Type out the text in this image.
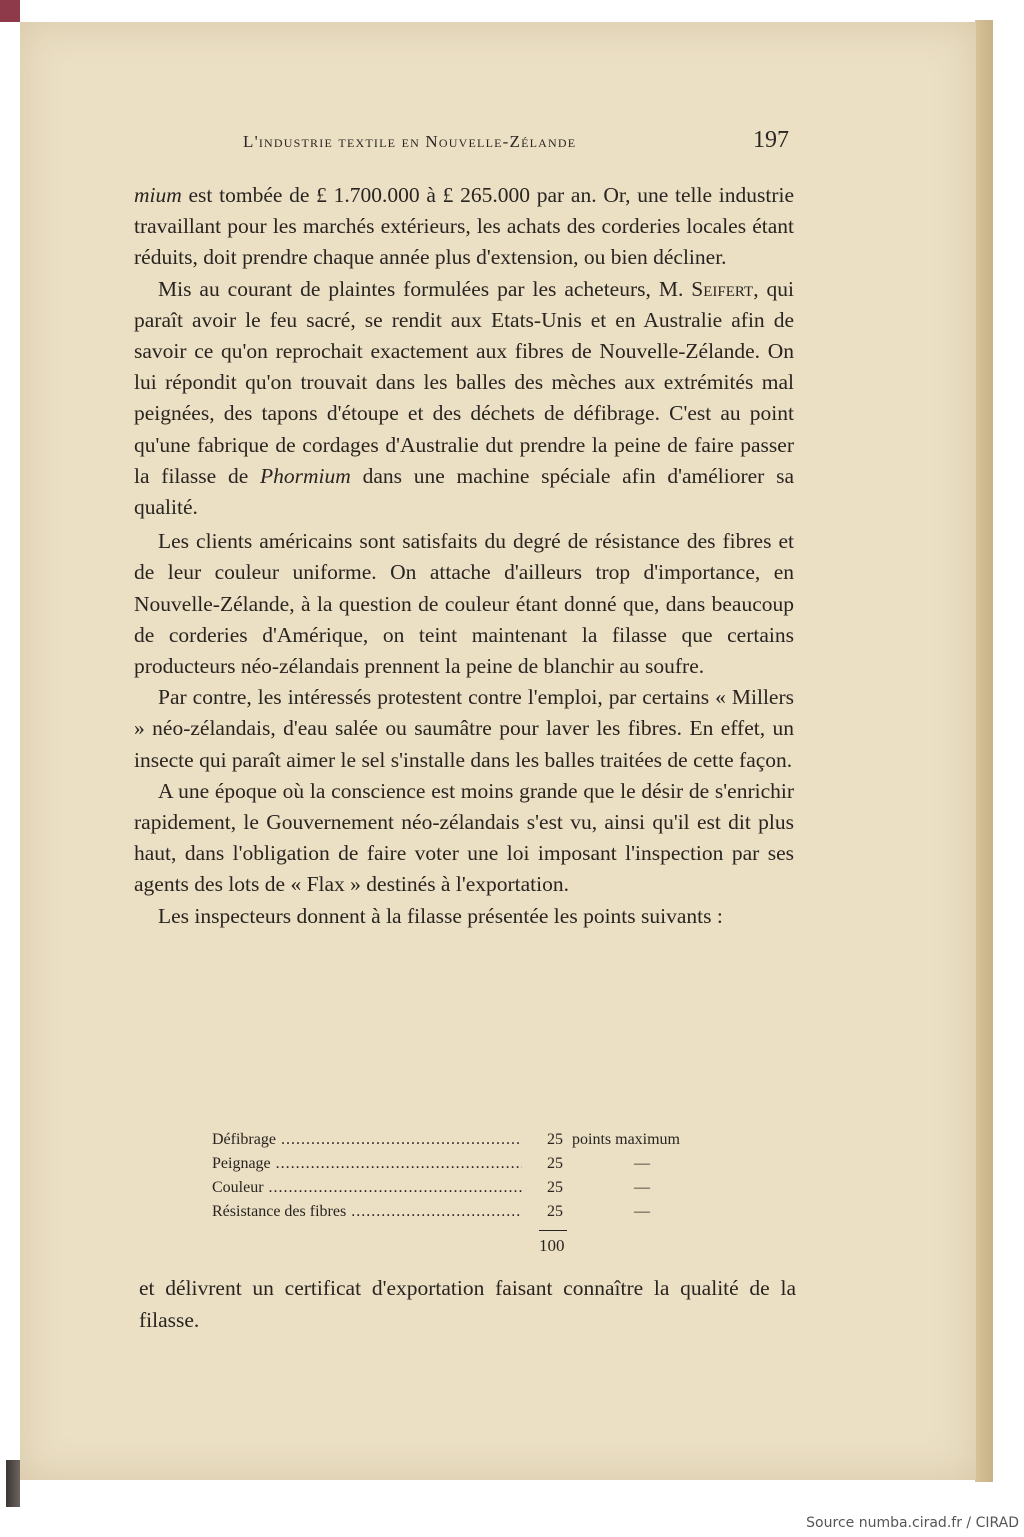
L'industrie textile en Nouvelle-Zélande	197

mium est tombée de £ 1.700.000 à £ 265.000 par an. Or, une telle industrie travaillant pour les marchés extérieurs, les achats des corderies locales étant réduits, doit prendre chaque année plus d'extension, ou bien décliner.

Mis au courant de plaintes formulées par les acheteurs, M. Seifert, qui paraît avoir le feu sacré, se rendit aux Etats-Unis et en Australie afin de savoir ce qu'on reprochait exactement aux fibres de Nouvelle-Zélande. On lui répondit qu'on trouvait dans les balles des mèches aux extrémités mal peignées, des tapons d'étoupe et des déchets de défibrage. C'est au point qu'une fabrique de cordages d'Australie dut prendre la peine de faire passer la filasse de Phormium dans une machine spéciale afin d'améliorer sa qualité.

Les clients américains sont satisfaits du degré de résistance des fibres et de leur couleur uniforme. On attache d'ailleurs trop d'importance, en Nouvelle-Zélande, à la question de couleur étant donné que, dans beaucoup de corderies d'Amérique, on teint maintenant la filasse que certains producteurs néo-zélandais prennent la peine de blanchir au soufre.

Par contre, les intéressés protestent contre l'emploi, par certains « Millers » néo-zélandais, d'eau salée ou saumâtre pour laver les fibres. En effet, un insecte qui paraît aimer le sel s'installe dans les balles traitées de cette façon.

A une époque où la conscience est moins grande que le désir de s'enrichir rapidement, le Gouvernement néo-zélandais s'est vu, ainsi qu'il est dit plus haut, dans l'obligation de faire voter une loi imposant l'inspection par ses agents des lots de « Flax » destinés à l'exportation.

Les inspecteurs donnent à la filasse présentée les points suivants :

Défibrage .....	25 points maximum
Peignage .....	25	—
Couleur .....	25	—
Résistance des fibres .....	25	—
100

et délivrent un certificat d'exportation faisant connaître la qualité de la filasse.

Source numba.cirad.fr / CIRAD
